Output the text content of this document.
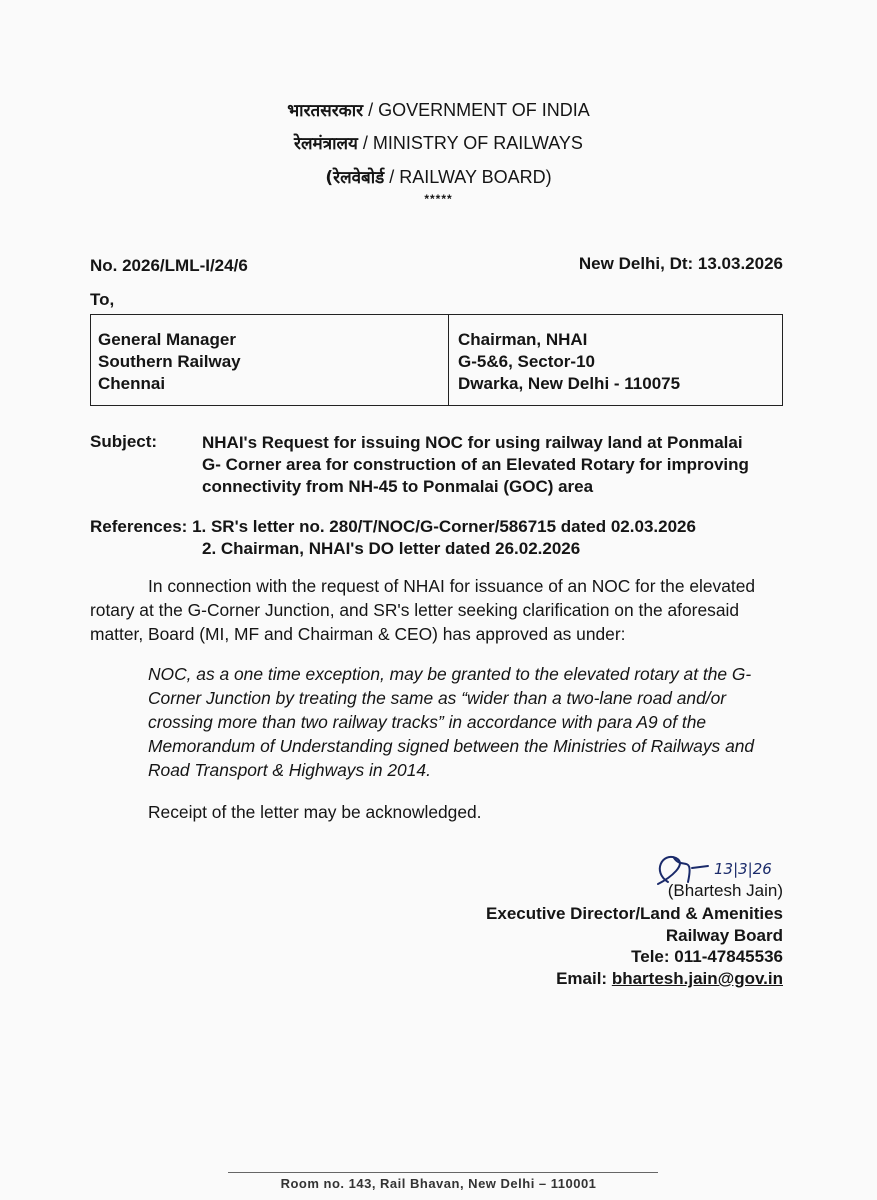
भारतसरकार / GOVERNMENT OF INDIA
रेलमंत्रालय / MINISTRY OF RAILWAYS
(रेलवेबोर्ड / RAILWAY BOARD)
*****
No. 2026/LML-I/24/6	New Delhi, Dt: 13.03.2026
To,
General Manager
Southern Railway
Chennai
Chairman, NHAI
G-5&6, Sector-10
Dwarka, New Delhi - 110075
Subject:	NHAI's Request for issuing NOC for using railway land at Ponmalai
G- Corner area for construction of an Elevated Rotary for improving
connectivity from NH-45 to Ponmalai (GOC) area
References: 1. SR's letter no. 280/T/NOC/G-Corner/586715 dated 02.03.2026
2. Chairman, NHAI's DO letter dated 26.02.2026
In connection with the request of NHAI for issuance of an NOC for the elevated
rotary at the G-Corner Junction, and SR's letter seeking clarification on the aforesaid
matter, Board (MI, MF and Chairman & CEO) has approved as under:
NOC, as a one time exception, may be granted to the elevated rotary at the G-
Corner Junction by treating the same as “wider than a two-lane road and/or
crossing more than two railway tracks” in accordance with para A9 of the
Memorandum of Understanding signed between the Ministries of Railways and
Road Transport & Highways in 2014.
Receipt of the letter may be acknowledged.
13|3|26
(Bhartesh Jain)
Executive Director/Land & Amenities
Railway Board
Tele: 011-47845536
Email: bhartesh.jain@gov.in
Room no. 143, Rail Bhavan, New Delhi – 110001
